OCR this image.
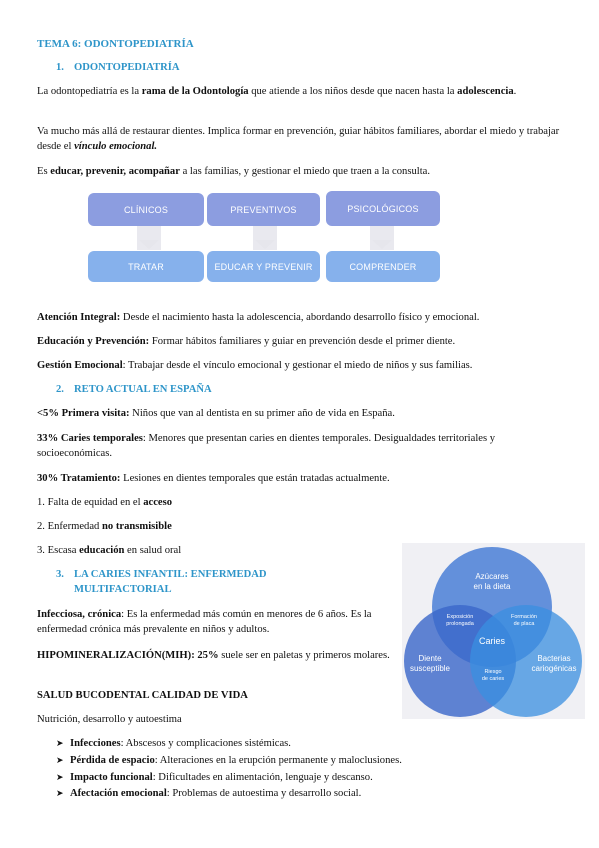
TEMA 6: ODONTOPEDIATRÍA
1. ODONTOPEDIATRÍA
La odontopediatría es la rama de la Odontología que atiende a los niños desde que nacen hasta la adolescencia.
Va mucho más allá de restaurar dientes. Implica formar en prevención, guiar hábitos familiares, abordar el miedo y trabajar desde el vínculo emocional.
Es educar, prevenir, acompañar a las familias, y gestionar el miedo que traen a la consulta.
CLÍNICOS	PREVENTIVOS	PSICOLÓGICOS
TRATAR	EDUCAR Y PREVENIR	COMPRENDER
Atención Integral: Desde el nacimiento hasta la adolescencia, abordando desarrollo físico y emocional.
Educación y Prevención: Formar hábitos familiares y guiar en prevención desde el primer diente.
Gestión Emocional: Trabajar desde el vínculo emocional y gestionar el miedo de niños y sus familias.
2. RETO ACTUAL EN ESPAÑA
<5% Primera visita: Niños que van al dentista en su primer año de vida en España.
33% Caries temporales: Menores que presentan caries en dientes temporales. Desigualdades territoriales y socioeconómicas.
30% Tratamiento: Lesiones en dientes temporales que están tratadas actualmente.
1. Falta de equidad en el acceso
2. Enfermedad no transmisible
3. Escasa educación en salud oral
3. LA CARIES INFANTIL: ENFERMEDAD
MULTIFACTORIAL
Infecciosa, crónica: Es la enfermedad más común en menores de 6 años. Es la enfermedad crónica más prevalente en niños y adultos.
HIPOMINERALIZACIÓN(MIH): 25% suele ser en paletas y primeros molares.
SALUD BUCODENTAL CALIDAD DE VIDA
Nutrición, desarrollo y autoestima
➤ Infecciones: Abscesos y complicaciones sistémicas.
➤ Pérdida de espacio: Alteraciones en la erupción permanente y maloclusiones.
➤ Impacto funcional: Dificultades en alimentación, lenguaje y descanso.
➤ Afectación emocional: Problemas de autoestima y desarrollo social.
Azúcares
en la dieta
Diente
susceptible
Bacterias
cariogénicas
Exposición
prolongada
Formación
de placa
Riesgo
de caries
Caries
